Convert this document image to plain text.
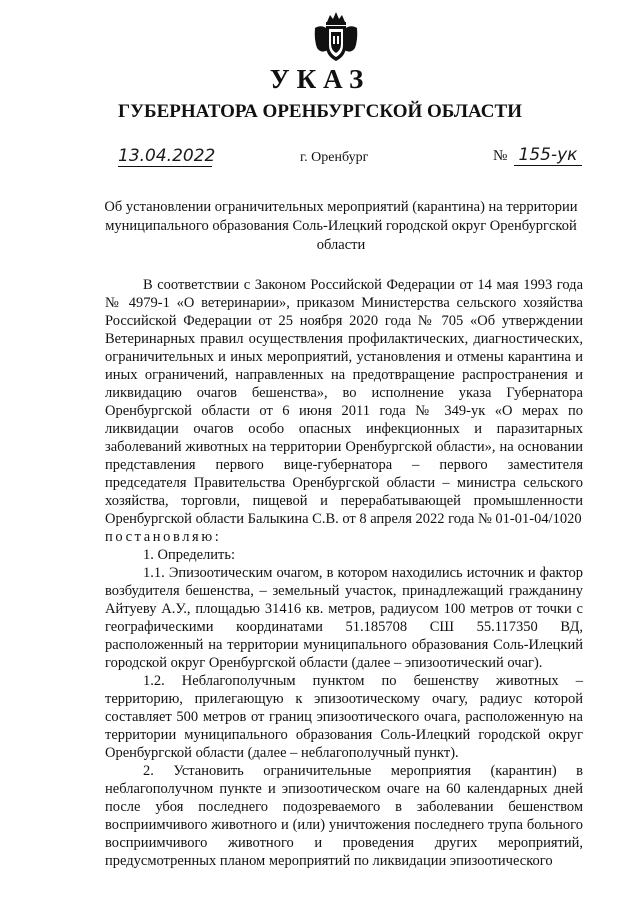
УКАЗ
ГУБЕРНАТОРА ОРЕНБУРГСКОЙ ОБЛАСТИ
13.04.2022	г. Оренбург	№ 155-ук
Об установлении ограничительных мероприятий (карантина) на территории муниципального образования Соль-Илецкий городской округ Оренбургской области

В соответствии с Законом Российской Федерации от 14 мая 1993 года № 4979-1 «О ветеринарии», приказом Министерства сельского хозяйства Российской Федерации от 25 ноября 2020 года № 705 «Об утверждении Ветеринарных правил осуществления профилактических, диагностических, ограничительных и иных мероприятий, установления и отмены карантина и иных ограничений, направленных на предотвращение распространения и ликвидацию очагов бешенства», во исполнение указа Губернатора Оренбургской области от 6 июня 2011 года № 349-ук «О мерах по ликвидации очагов особо опасных инфекционных и паразитарных заболеваний животных на территории Оренбургской области», на основании представления первого вице-губернатора – первого заместителя председателя Правительства Оренбургской области – министра сельского хозяйства, торговли, пищевой и перерабатывающей промышленности Оренбургской области Балыкина С.В. от 8 апреля 2022 года № 01-01-04/1020

постановляю:

1. Определить:

1.1. Эпизоотическим очагом, в котором находились источник и фактор возбудителя бешенства, – земельный участок, принадлежащий гражданину Айтуеву А.У., площадью 31416 кв. метров, радиусом 100 метров от точки с географическими координатами 51.185708 СШ 55.117350 ВД, расположенный на территории муниципального образования Соль-Илецкий городской округ Оренбургской области (далее – эпизоотический очаг).

1.2. Неблагополучным пунктом по бешенству животных – территорию, прилегающую к эпизоотическому очагу, радиус которой составляет 500 метров от границ эпизоотического очага, расположенную на территории муниципального образования Соль-Илецкий городской округ Оренбургской области (далее – неблагополучный пункт).

2. Установить ограничительные мероприятия (карантин) в неблагополучном пункте и эпизоотическом очаге на 60 календарных дней после убоя последнего подозреваемого в заболевании бешенством восприимчивого животного и (или) уничтожения последнего трупа больного восприимчивого животного и проведения других мероприятий, предусмотренных планом мероприятий по ликвидации эпизоотического
